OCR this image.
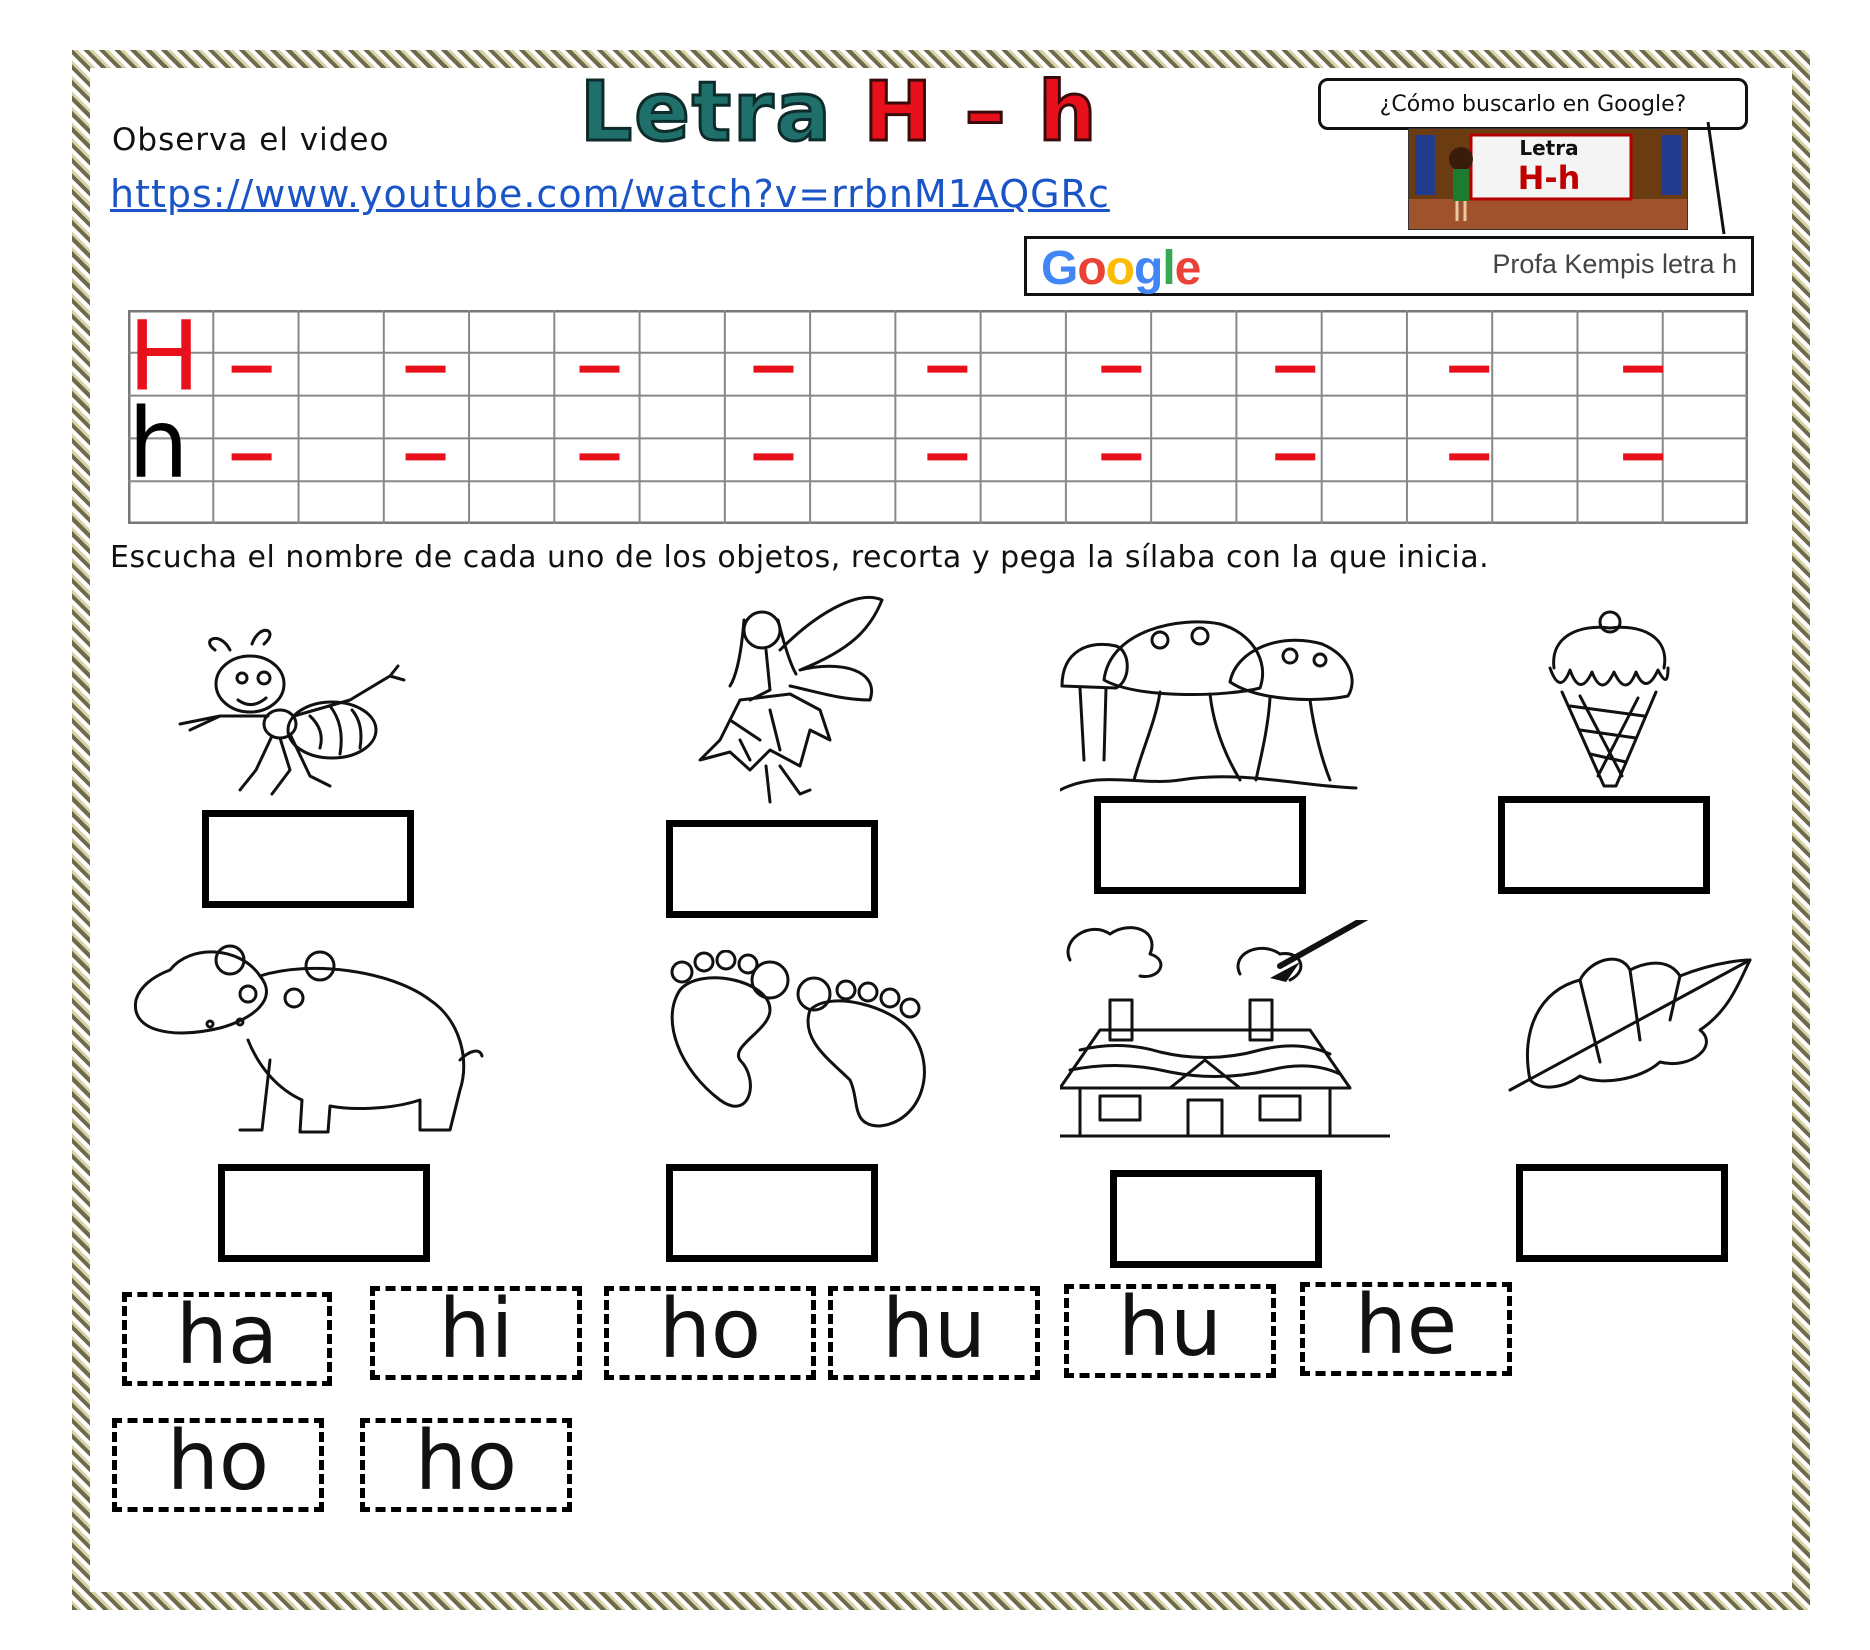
Observa el video Letra H – h
https://www.youtube.com/watch?v=rrbnM1AQGRc
¿Cómo buscarlo en Google?
Letra
H-h
Google	Profa Kempis letra h
H
h
Escucha el nombre de cada uno de los objetos, recorta y pega la sílaba con la que inicia.
ha	hi	ho	hu	hu	he
ho	ho
